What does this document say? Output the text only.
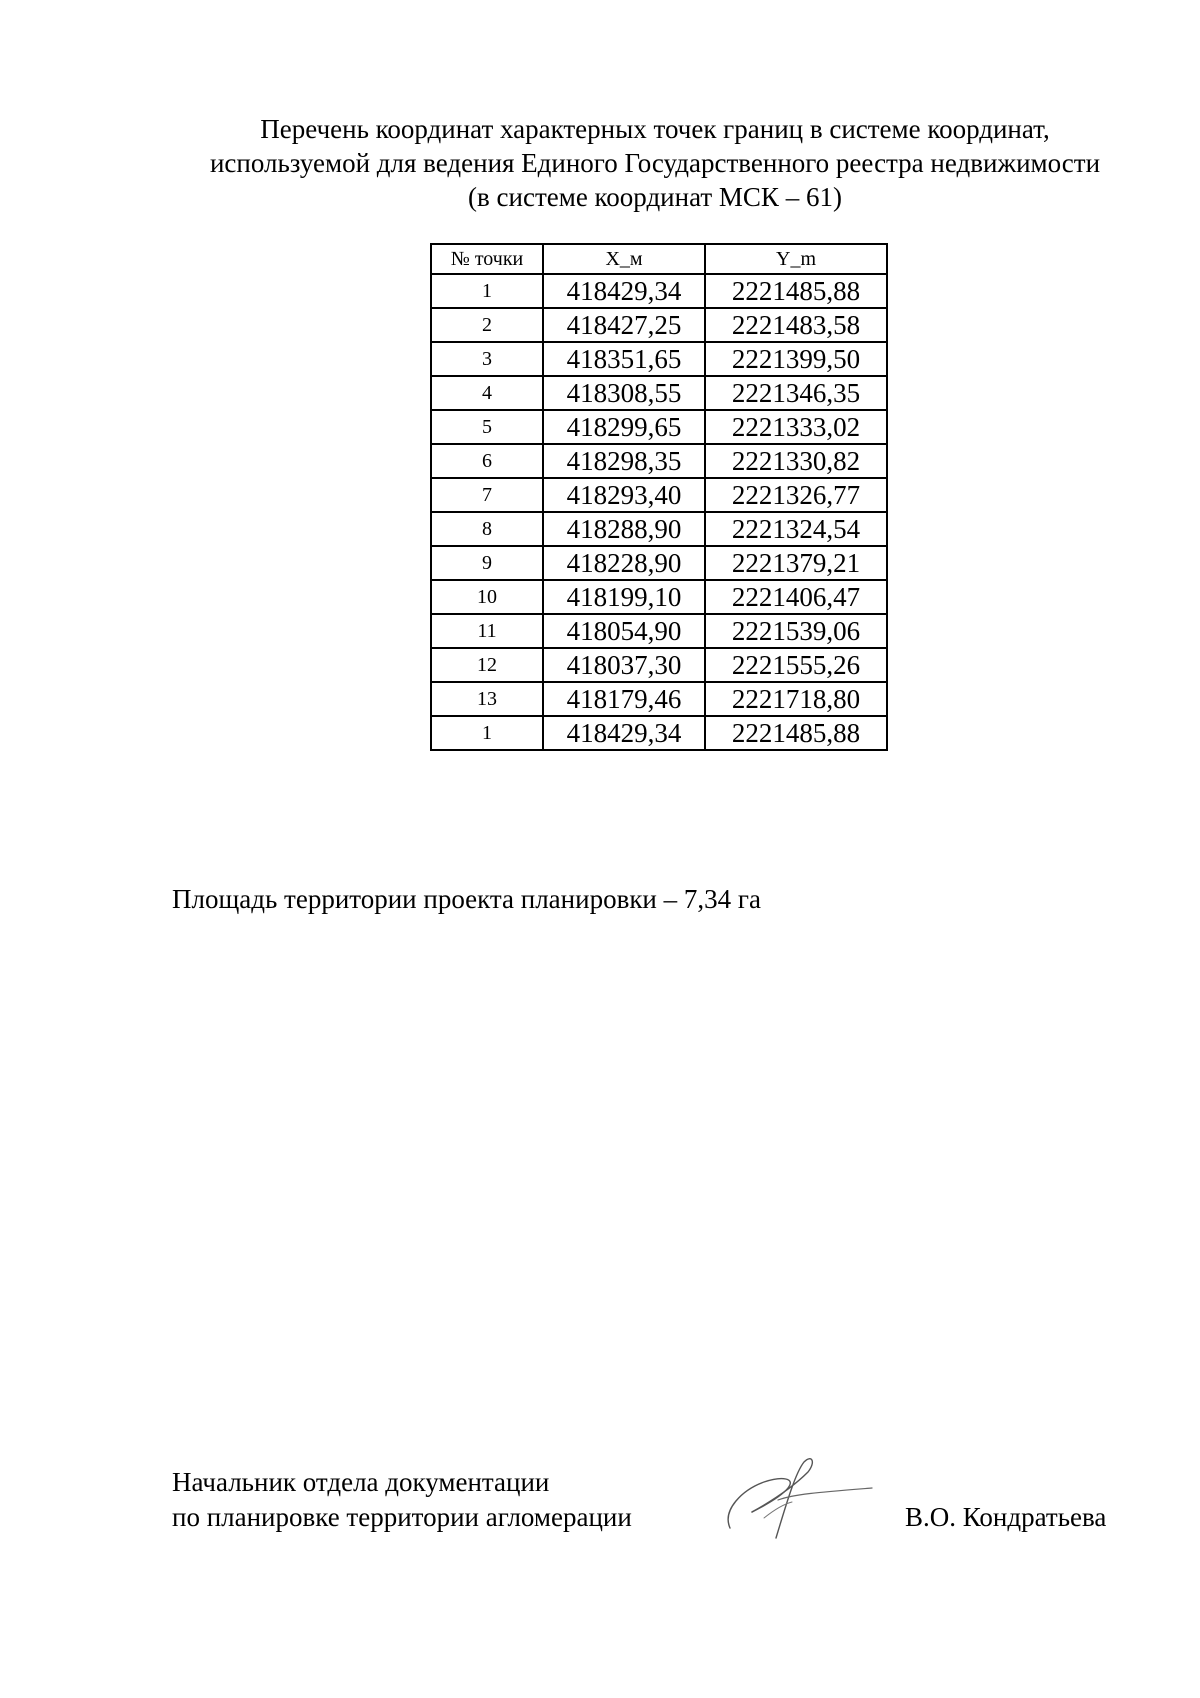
Перечень координат характерных точек границ в системе координат,
используемой для ведения Единого Государственного реестра недвижимости
(в системе координат МСК – 61)
№ точки	X_м	Y_m
1	418429,34	2221485,88
2	418427,25	2221483,58
3	418351,65	2221399,50
4	418308,55	2221346,35
5	418299,65	2221333,02
6	418298,35	2221330,82
7	418293,40	2221326,77
8	418288,90	2221324,54
9	418228,90	2221379,21
10	418199,10	2221406,47
11	418054,90	2221539,06
12	418037,30	2221555,26
13	418179,46	2221718,80
1	418429,34	2221485,88
Площадь территории проекта планировки – 7,34 га
Начальник отдела документации
по планировке территории агломерации	В.О. Кондратьева
